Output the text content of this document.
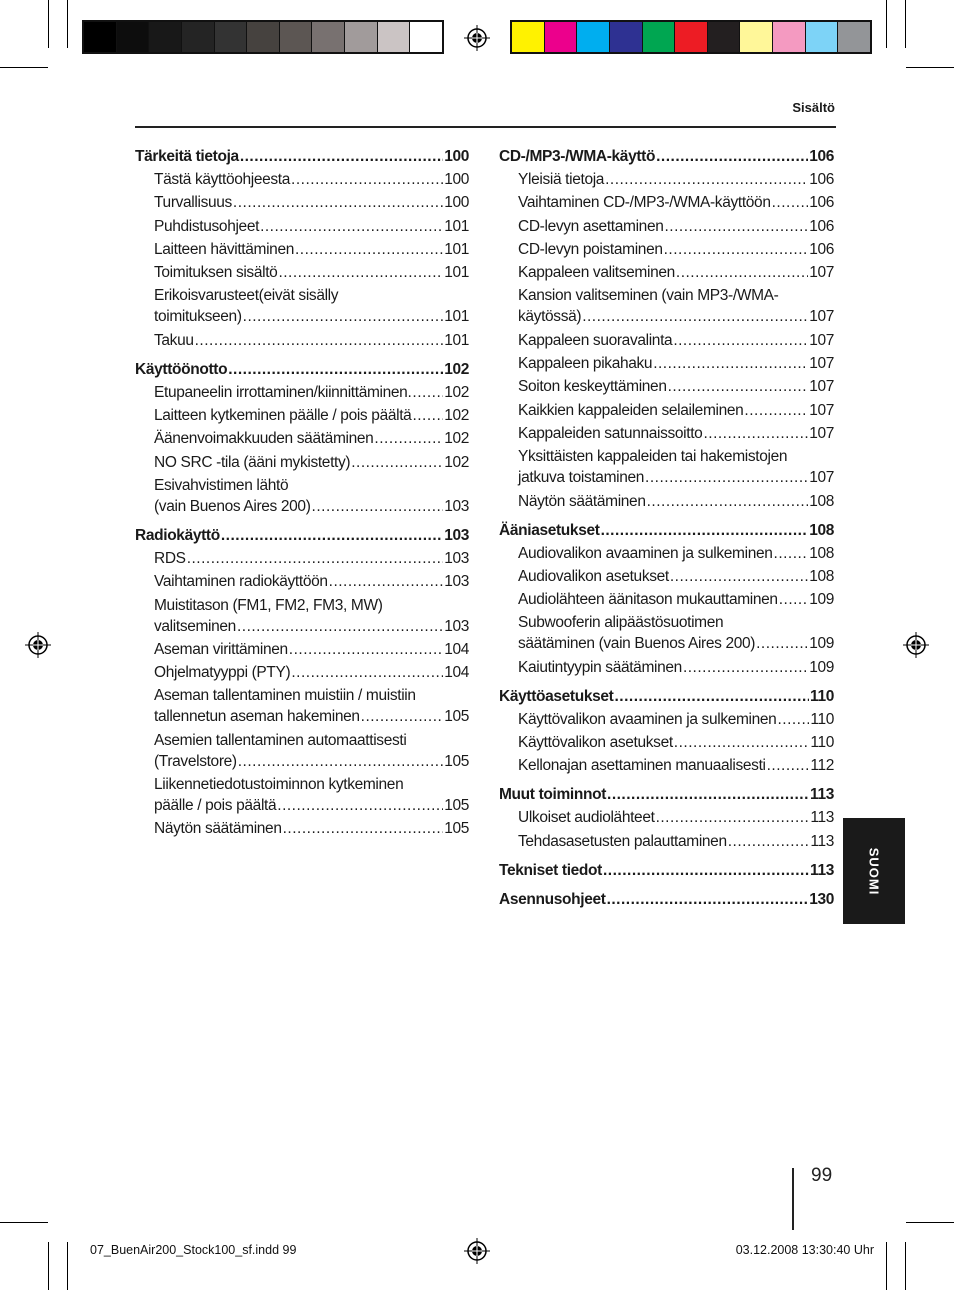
Sisältö
Tärkeitä tietoja .....	100
Tästä käyttöohjeesta .....	100
Turvallisuus .....	100
Puhdistusohjeet .....	101
Laitteen hävittäminen .....	101
Toimituksen sisältö .....	101
Erikoisvarusteet(eivät sisälly
toimitukseen) .....	101
Takuu .....	101
Käyttöönotto .....	102
Etupaneelin irrottaminen/kiinnittäminen. ..... 102
Laitteen kytkeminen päälle / pois päältä ..... 102
Äänenvoimakkuuden säätäminen .....	102
NO SRC -tila (ääni mykistetty) .....	102
Esivahvistimen lähtö
(vain Buenos Aires 200) .....	103
Radiokäyttö .....	103
RDS .....	103
Vaihtaminen radiokäyttöön .....	103
Muistitason (FM1, FM2, FM3, MW)
valitseminen .....	103
Aseman virittäminen .....	104
Ohjelmatyyppi (PTY) .....	104
Aseman tallentaminen muistiin / muistiin
tallennetun aseman hakeminen .....	105
Asemien tallentaminen automaattisesti
(Travelstore) .....	105
Liikennetiedotustoiminnon kytkeminen
päälle / pois päältä .....	105
Näytön säätäminen .....	105
CD-/MP3-/WMA-käyttö .....	106
Yleisiä tietoja .....	106
Vaihtaminen CD-/MP3-/WMA-käyttöön ..... 106
CD-levyn asettaminen .....	106
CD-levyn poistaminen .....	106
Kappaleen valitseminen .....	107
Kansion valitseminen (vain MP3-/WMA-
käytössä) .....	107
Kappaleen suoravalinta .....	107
Kappaleen pikahaku .....	107
Soiton keskeyttäminen .....	107
Kaikkien kappaleiden selaileminen .....	107
Kappaleiden satunnaissoitto .....	107
Yksittäisten kappaleiden tai hakemistojen
jatkuva toistaminen .....	107
Näytön säätäminen .....	108
Ääniasetukset .....	108
Audiovalikon avaaminen ja sulkeminen ..... 108
Audiovalikon asetukset .....	108
Audiolähteen äänitason mukauttaminen ..... 109
Subwooferin alipäästösuotimen
säätäminen (vain Buenos Aires 200) .....	109
Kaiutintyypin säätäminen .....	109
Käyttöasetukset .....	110
Käyttövalikon avaaminen ja sulkeminen ..... 110
Käyttövalikon asetukset .....	110
Kellonajan asettaminen manuaalisesti .....	112
Muut toiminnot .....	113
Ulkoiset audiolähteet .....	113
Tehdasasetusten palauttaminen .....	113
Tekniset tiedot .....	113
Asennusohjeet .....	130
SUOMI
99
07_BuenAir200_Stock100_sf.indd 99	03.12.2008 13:30:40 Uhr
